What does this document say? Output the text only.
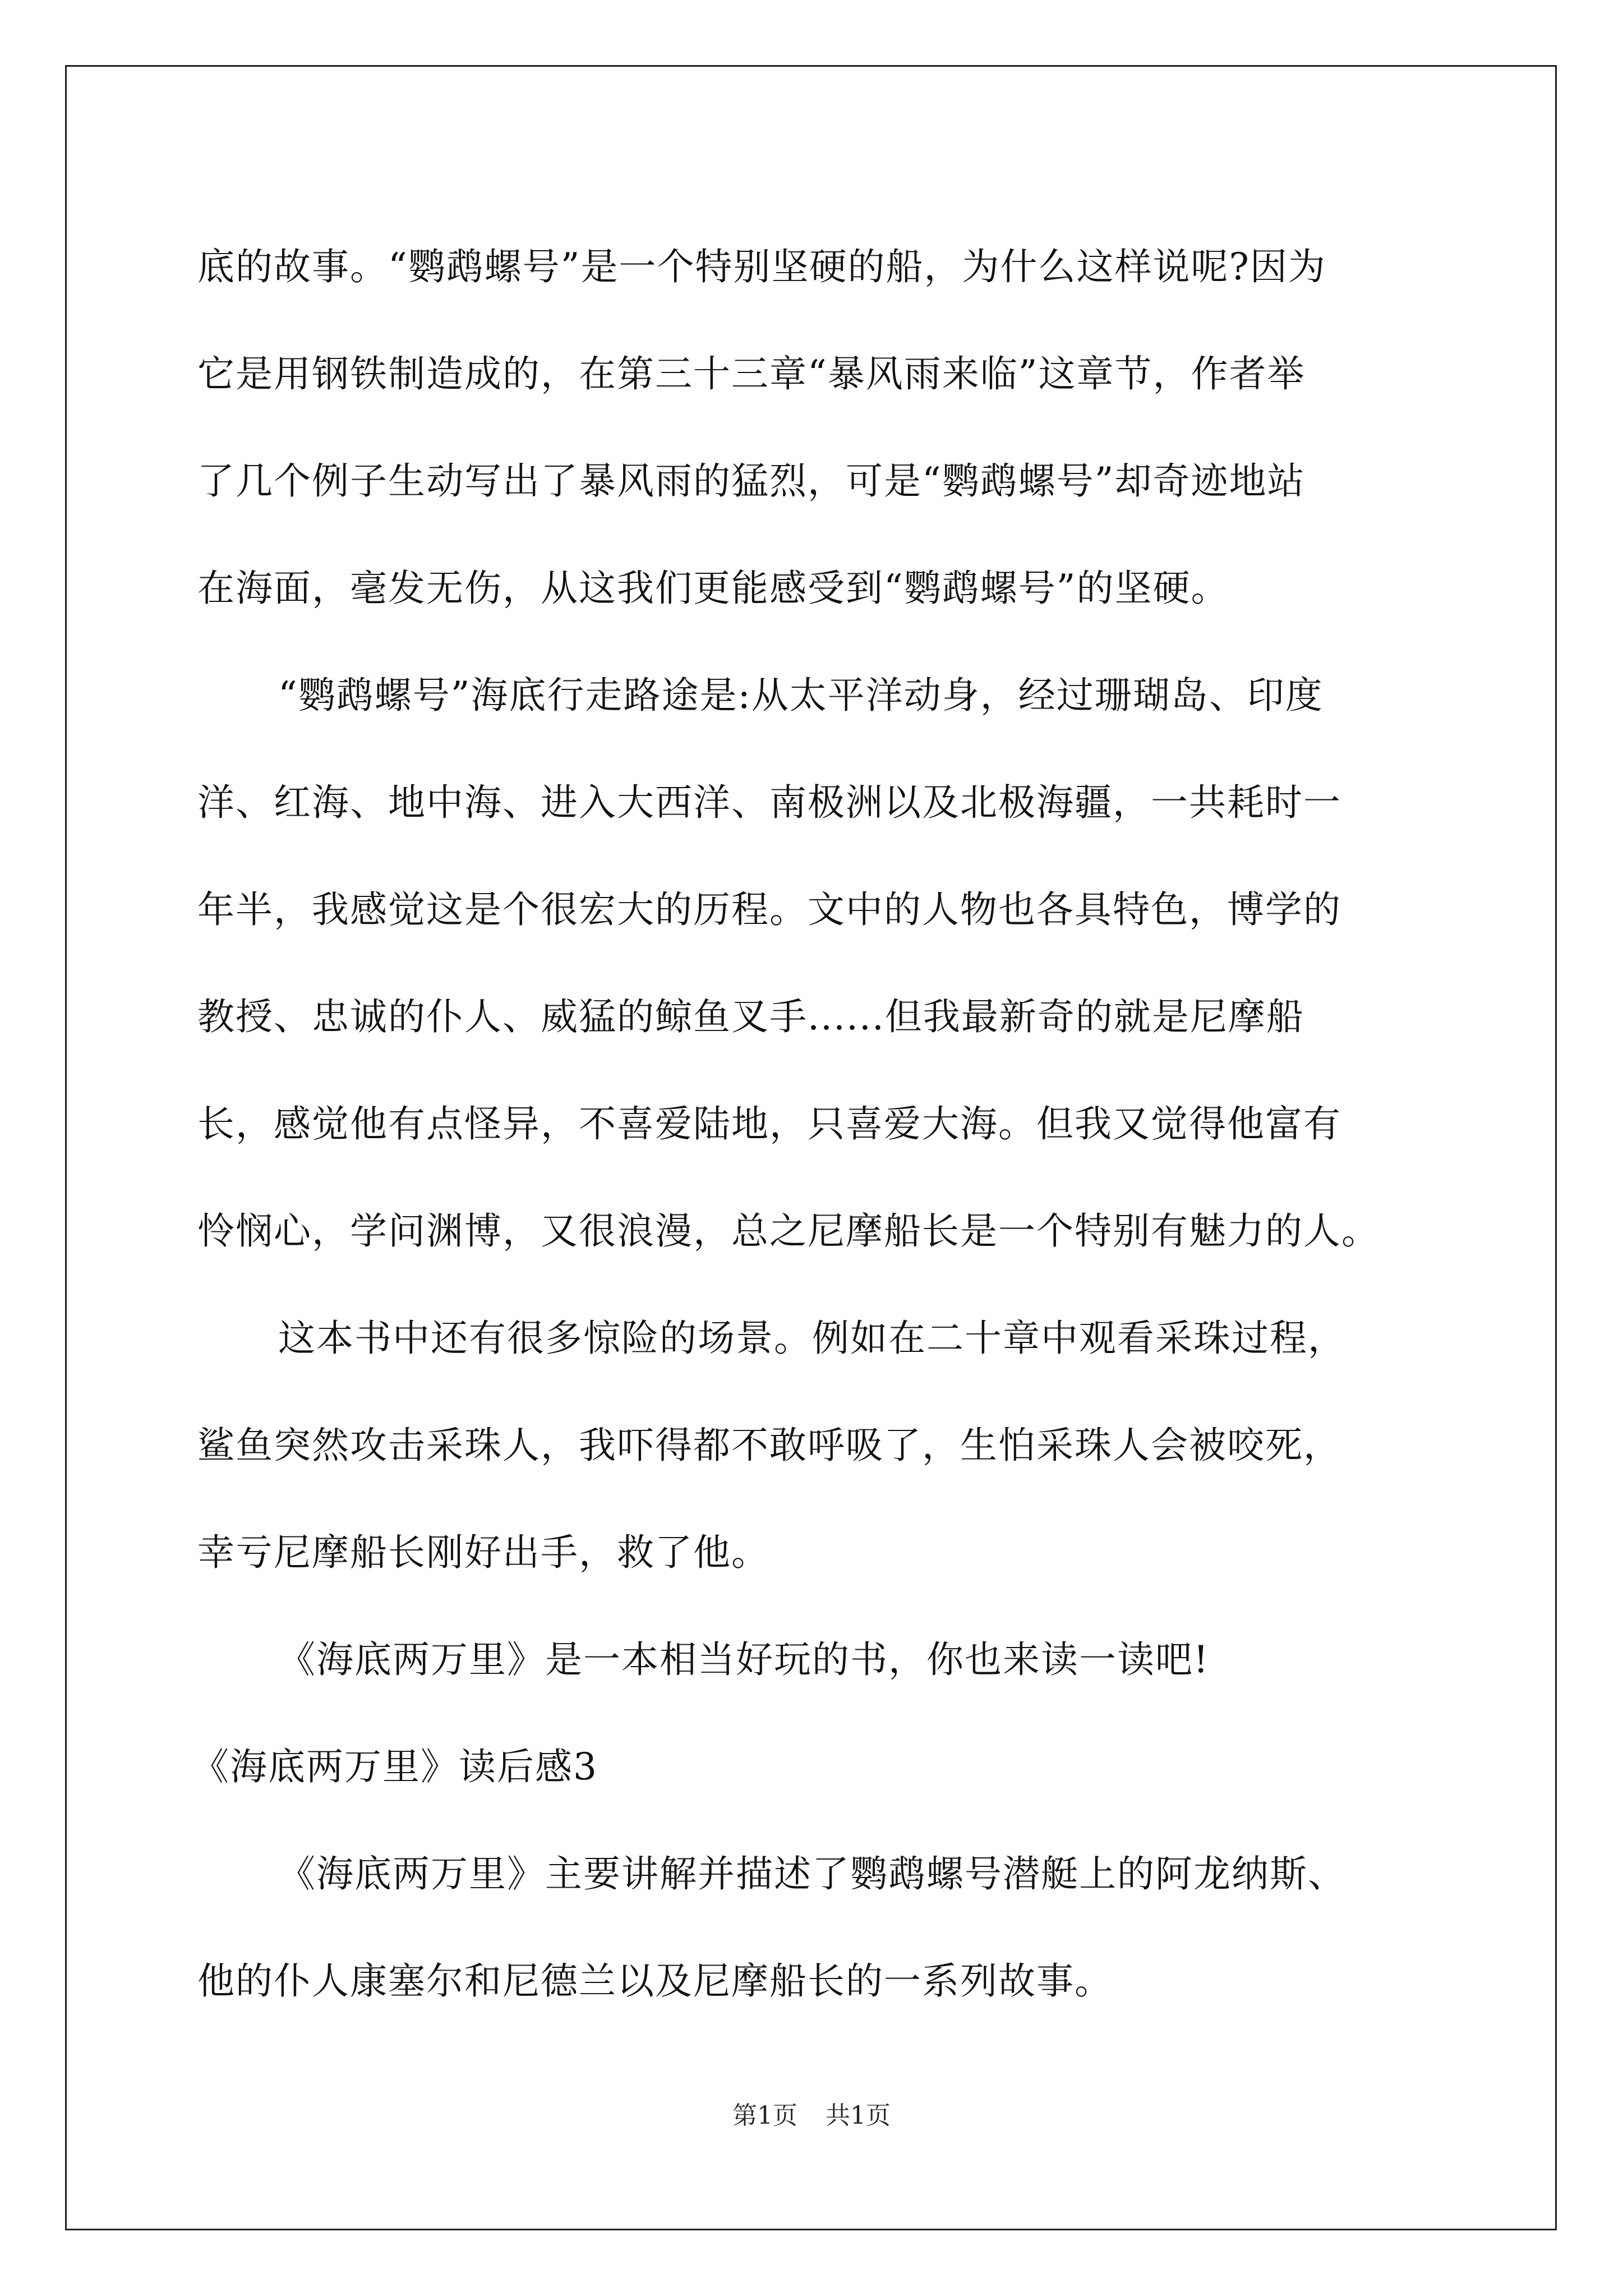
底的故事。“鹦鹉螺号”是一个特别坚硬的船，为什么这样说呢?因为
它是用钢铁制造成的，在第三十三章“暴风雨来临”这章节，作者举
了几个例子生动写出了暴风雨的猛烈，可是“鹦鹉螺号”却奇迹地站
在海面，毫发无伤，从这我们更能感受到“鹦鹉螺号”的坚硬。
“鹦鹉螺号”海底行走路途是:从太平洋动身，经过珊瑚岛、印度
洋、红海、地中海、进入大西洋、南极洲以及北极海疆，一共耗时一
年半，我感觉这是个很宏大的历程。文中的人物也各具特色，博学的
教授、忠诚的仆人、威猛的鲸鱼叉手......但我最新奇的就是尼摩船
长，感觉他有点怪异，不喜爱陆地，只喜爱大海。但我又觉得他富有
怜悯心，学问渊博，又很浪漫，总之尼摩船长是一个特别有魅力的人。
这本书中还有很多惊险的场景。例如在二十章中观看采珠过程，
鲨鱼突然攻击采珠人，我吓得都不敢呼吸了，生怕采珠人会被咬死，
幸亏尼摩船长刚好出手，救了他。
《海底两万里》是一本相当好玩的书，你也来读一读吧!
《海底两万里》读后感3
《海底两万里》主要讲解并描述了鹦鹉螺号潜艇上的阿龙纳斯、
他的仆人康塞尔和尼德兰以及尼摩船长的一系列故事。
第1页 共1页
